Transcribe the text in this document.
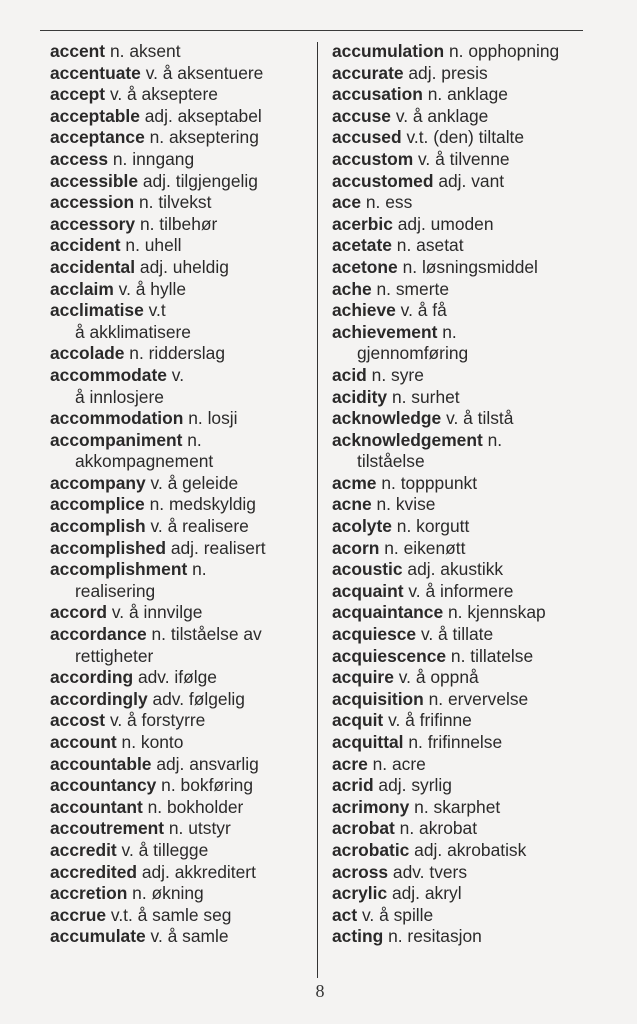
accent n. aksent
accentuate v. å aksentuere
accept v. å akseptere
acceptable adj. akseptabel
acceptance n. akseptering
access n. inngang
accessible adj. tilgjengelig
accession n. tilvekst
accessory n. tilbehør
accident n. uhell
accidental adj. uheldig
acclaim v. å hylle
acclimatise v.t
å akklimatisere
accolade n. ridderslag
accommodate v.
å innlosjere
accommodation n. losji
accompaniment n.
akkompagnement
accompany v. å geleide
accomplice n. medskyldig
accomplish v. å realisere
accomplished adj. realisert
accomplishment n.
realisering
accord v. å innvilge
accordance n. tilståelse av
rettigheter
according adv. ifølge
accordingly adv. følgelig
accost v. å forstyrre
account n. konto
accountable adj. ansvarlig
accountancy n. bokføring
accountant n. bokholder
accoutrement n. utstyr
accredit v. å tillegge
accredited adj. akkreditert
accretion n. økning
accrue v.t. å samle seg
accumulate v. å samle
accumulation n. opphopning
accurate adj. presis
accusation n. anklage
accuse v. å anklage
accused v.t. (den) tiltalte
accustom v. å tilvenne
accustomed adj. vant
ace n. ess
acerbic adj. umoden
acetate n. asetat
acetone n. løsningsmiddel
ache n. smerte
achieve v. å få
achievement n.
gjennomføring
acid n. syre
acidity n. surhet
acknowledge v. å tilstå
acknowledgement n.
tilståelse
acme n. topppunkt
acne n. kvise
acolyte n. korgutt
acorn n. eikenøtt
acoustic adj. akustikk
acquaint v. å informere
acquaintance n. kjennskap
acquiesce v. å tillate
acquiescence n. tillatelse
acquire v. å oppnå
acquisition n. ervervelse
acquit v. å frifinne
acquittal n. frifinnelse
acre n. acre
acrid adj. syrlig
acrimony n. skarphet
acrobat n. akrobat
acrobatic adj. akrobatisk
across adv. tvers
acrylic adj. akryl
act v. å spille
acting n. resitasjon
8
